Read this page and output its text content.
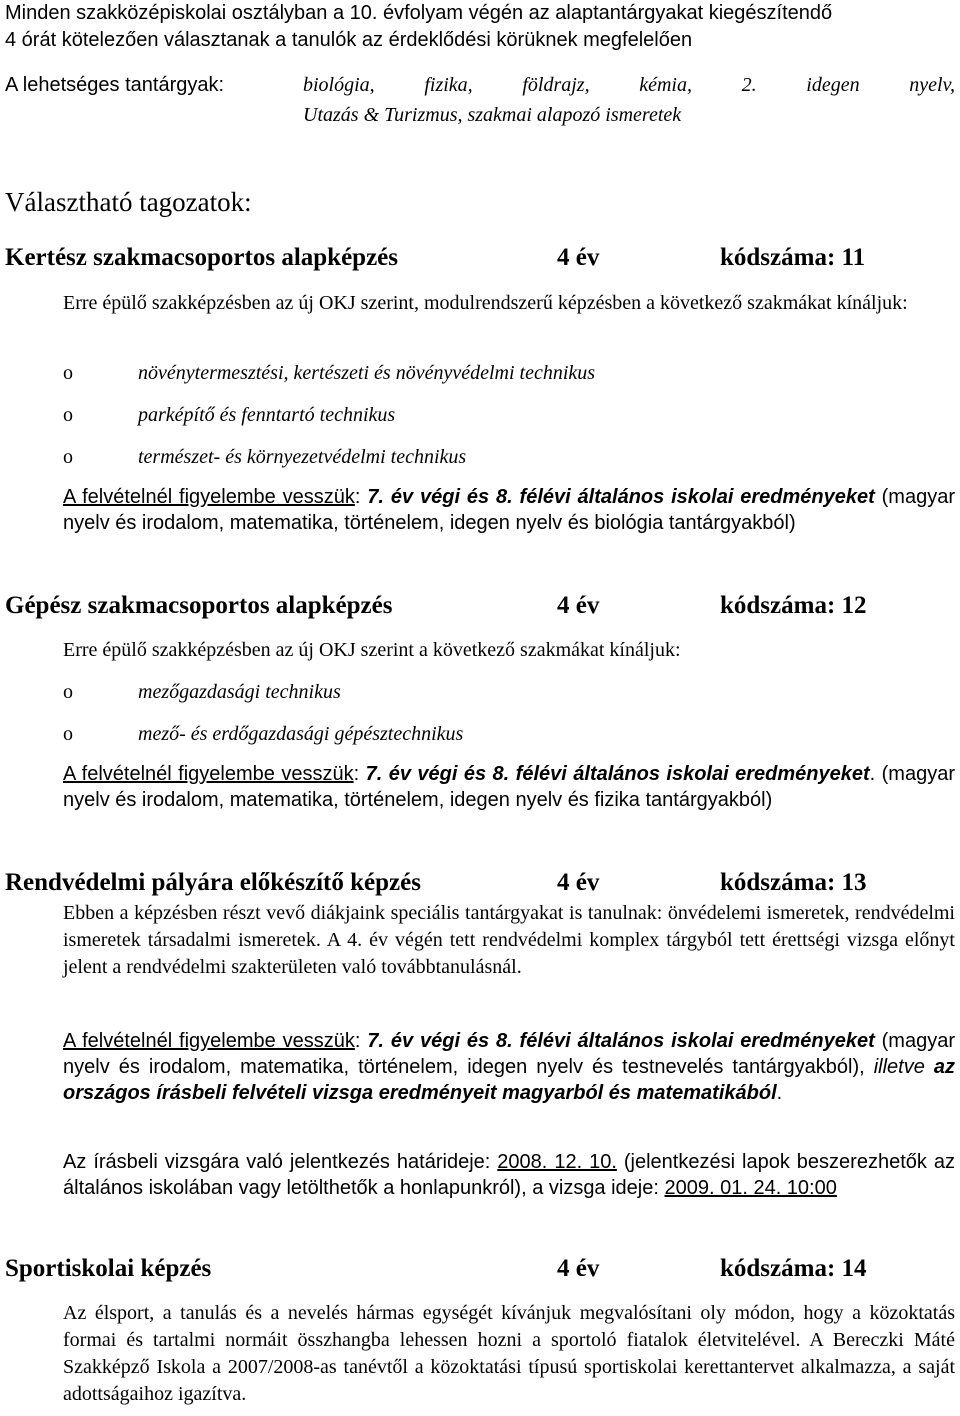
Minden szakközépiskolai osztályban a 10. évfolyam végén az alaptantárgyakat kiegészítendő
4 órát kötelezően választanak a tanulók az érdeklődési körüknek megfelelően
A lehetséges tantárgyak:	biológia, fizika, földrajz, kémia, 2. idegen nyelv,
Utazás & Turizmus, szakmai alapozó ismeretek
Választható tagozatok:
Kertész szakmacsoportos alapképzés	4 év	kódszáma: 11
Erre épülő szakképzésben az új OKJ szerint, modulrendszerű képzésben a következő szakmákat kínáljuk:
o	növénytermesztési, kertészeti és növényvédelmi technikus
o	parképítő és fenntartó technikus
o	természet- és környezetvédelmi technikus
A felvételnél figyelembe vesszük: 7. év végi és 8. félévi általános iskolai eredményeket (magyar nyelv és irodalom, matematika, történelem, idegen nyelv és biológia tantárgyakból)
Gépész szakmacsoportos alapképzés	4 év	kódszáma: 12
Erre épülő szakképzésben az új OKJ szerint a következő szakmákat kínáljuk:
o	mezőgazdasági technikus
o	mező- és erdőgazdasági gépésztechnikus
A felvételnél figyelembe vesszük: 7. év végi és 8. félévi általános iskolai eredményeket. (magyar nyelv és irodalom, matematika, történelem, idegen nyelv és fizika tantárgyakból)
Rendvédelmi pályára előkészítő képzés	4 év	kódszáma: 13
Ebben a képzésben részt vevő diákjaink speciális tantárgyakat is tanulnak: önvédelemi ismeretek, rendvédelmi ismeretek társadalmi ismeretek. A 4. év végén tett rendvédelmi komplex tárgyból tett érettségi vizsga előnyt jelent a rendvédelmi szakterületen való továbbtanulásnál.
A felvételnél figyelembe vesszük: 7. év végi és 8. félévi általános iskolai eredményeket (magyar nyelv és irodalom, matematika, történelem, idegen nyelv és testnevelés tantárgyakból), illetve az országos írásbeli felvételi vizsga eredményeit magyarból és matematikából.
Az írásbeli vizsgára való jelentkezés határideje: 2008. 12. 10. (jelentkezési lapok beszerezhetők az általános iskolában vagy letölthetők a honlapunkról), a vizsga ideje: 2009. 01. 24. 10:00
Sportiskolai képzés	4 év	kódszáma: 14
Az élsport, a tanulás és a nevelés hármas egységét kívánjuk megvalósítani oly módon, hogy a közoktatás formai és tartalmi normáit összhangba lehessen hozni a sportoló fiatalok életvitelével. A Bereczki Máté Szakképző Iskola a 2007/2008-as tanévtől a közoktatási típusú sportiskolai kerettantervet alkalmazza, a saját adottságaihoz igazítva.
